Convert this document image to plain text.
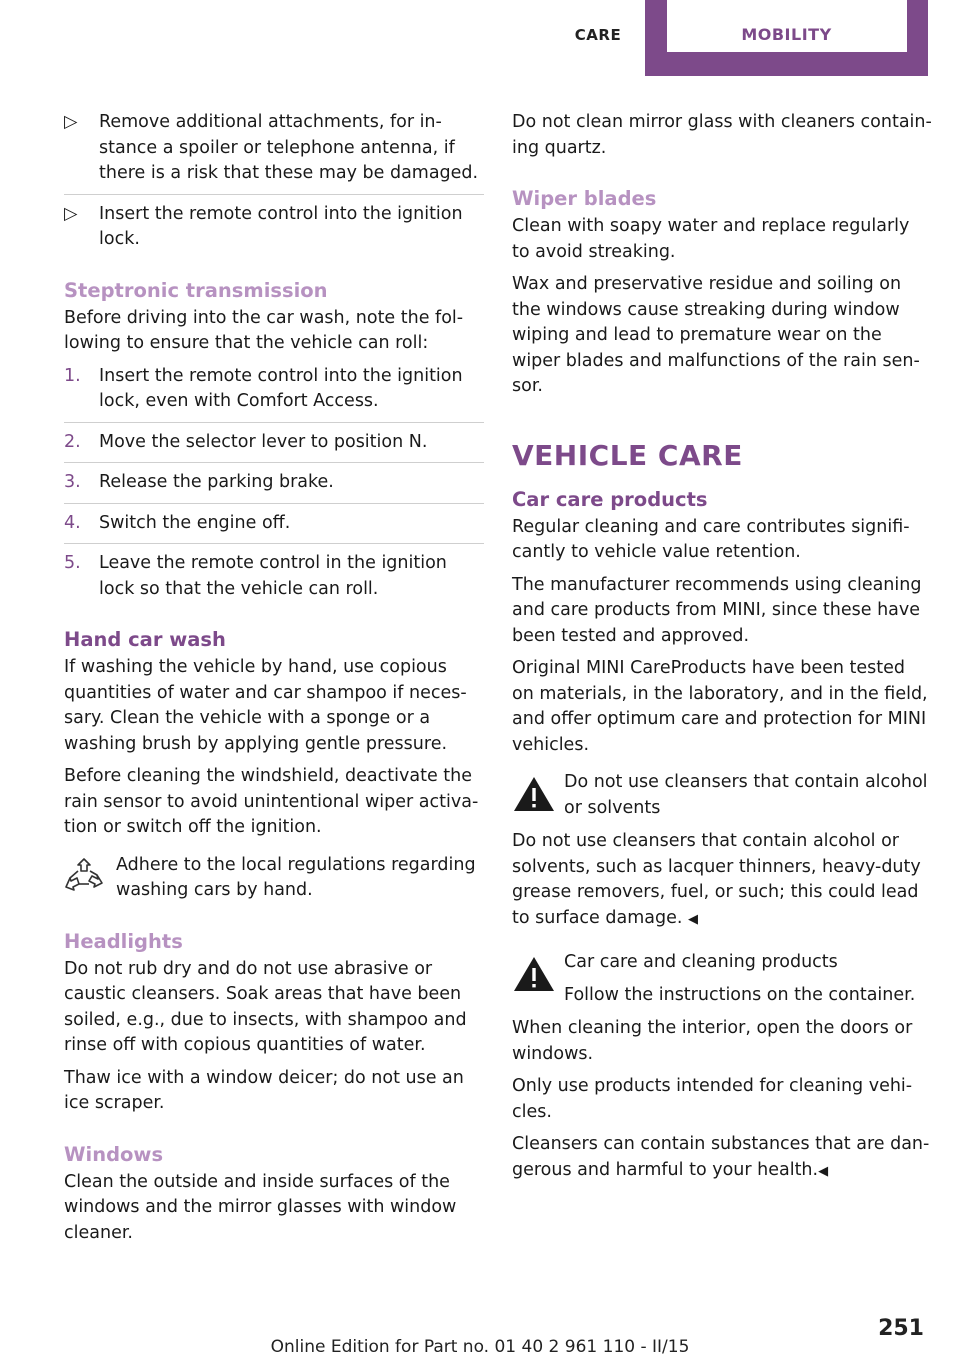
CARE	MOBILITY
▷ Remove additional attachments, for instance a spoiler or telephone antenna, if there is a risk that these may be damaged.
▷ Insert the remote control into the ignition lock.
Steptronic transmission

Before driving into the car wash, note the following to ensure that the vehicle can roll:

1. Insert the remote control into the ignition lock, even with Comfort Access.
2. Move the selector lever to position N.
3. Release the parking brake.
4. Switch the engine off.
5. Leave the remote control in the ignition lock so that the vehicle can roll.
Hand car wash

If washing the vehicle by hand, use copious quantities of water and car shampoo if necessary. Clean the vehicle with a sponge or a washing brush by applying gentle pressure.

Before cleaning the windshield, deactivate the rain sensor to avoid unintentional wiper activation or switch off the ignition.

Adhere to the local regulations regarding washing cars by hand.

Headlights

Do not rub dry and do not use abrasive or caustic cleansers. Soak areas that have been soiled, e.g., due to insects, with shampoo and rinse off with copious quantities of water.

Thaw ice with a window deicer; do not use an ice scraper.

Windows

Clean the outside and inside surfaces of the windows and the mirror glasses with window cleaner.

Do not clean mirror glass with cleaners containing quartz.

Wiper blades

Clean with soapy water and replace regularly to avoid streaking.

Wax and preservative residue and soiling on the windows cause streaking during window wiping and lead to premature wear on the wiper blades and malfunctions of the rain sensor.

VEHICLE CARE
Car care products

Regular cleaning and care contributes significantly to vehicle value retention.

The manufacturer recommends using cleaning and care products from MINI, since these have been tested and approved.

Original MINI CareProducts have been tested on materials, in the laboratory, and in the field, and offer optimum care and protection for MINI vehicles.

Do not use cleansers that contain alcohol or solvents

Do not use cleansers that contain alcohol or solvents, such as lacquer thinners, heavy-duty grease removers, fuel, or such; this could lead to surface damage. ◀

Car care and cleaning products

Follow the instructions on the container.

When cleaning the interior, open the doors or windows.

Only use products intended for cleaning vehicles.

Cleansers can contain substances that are dangerous and harmful to your health.◀

251
Online Edition for Part no. 01 40 2 961 110 - II/15
